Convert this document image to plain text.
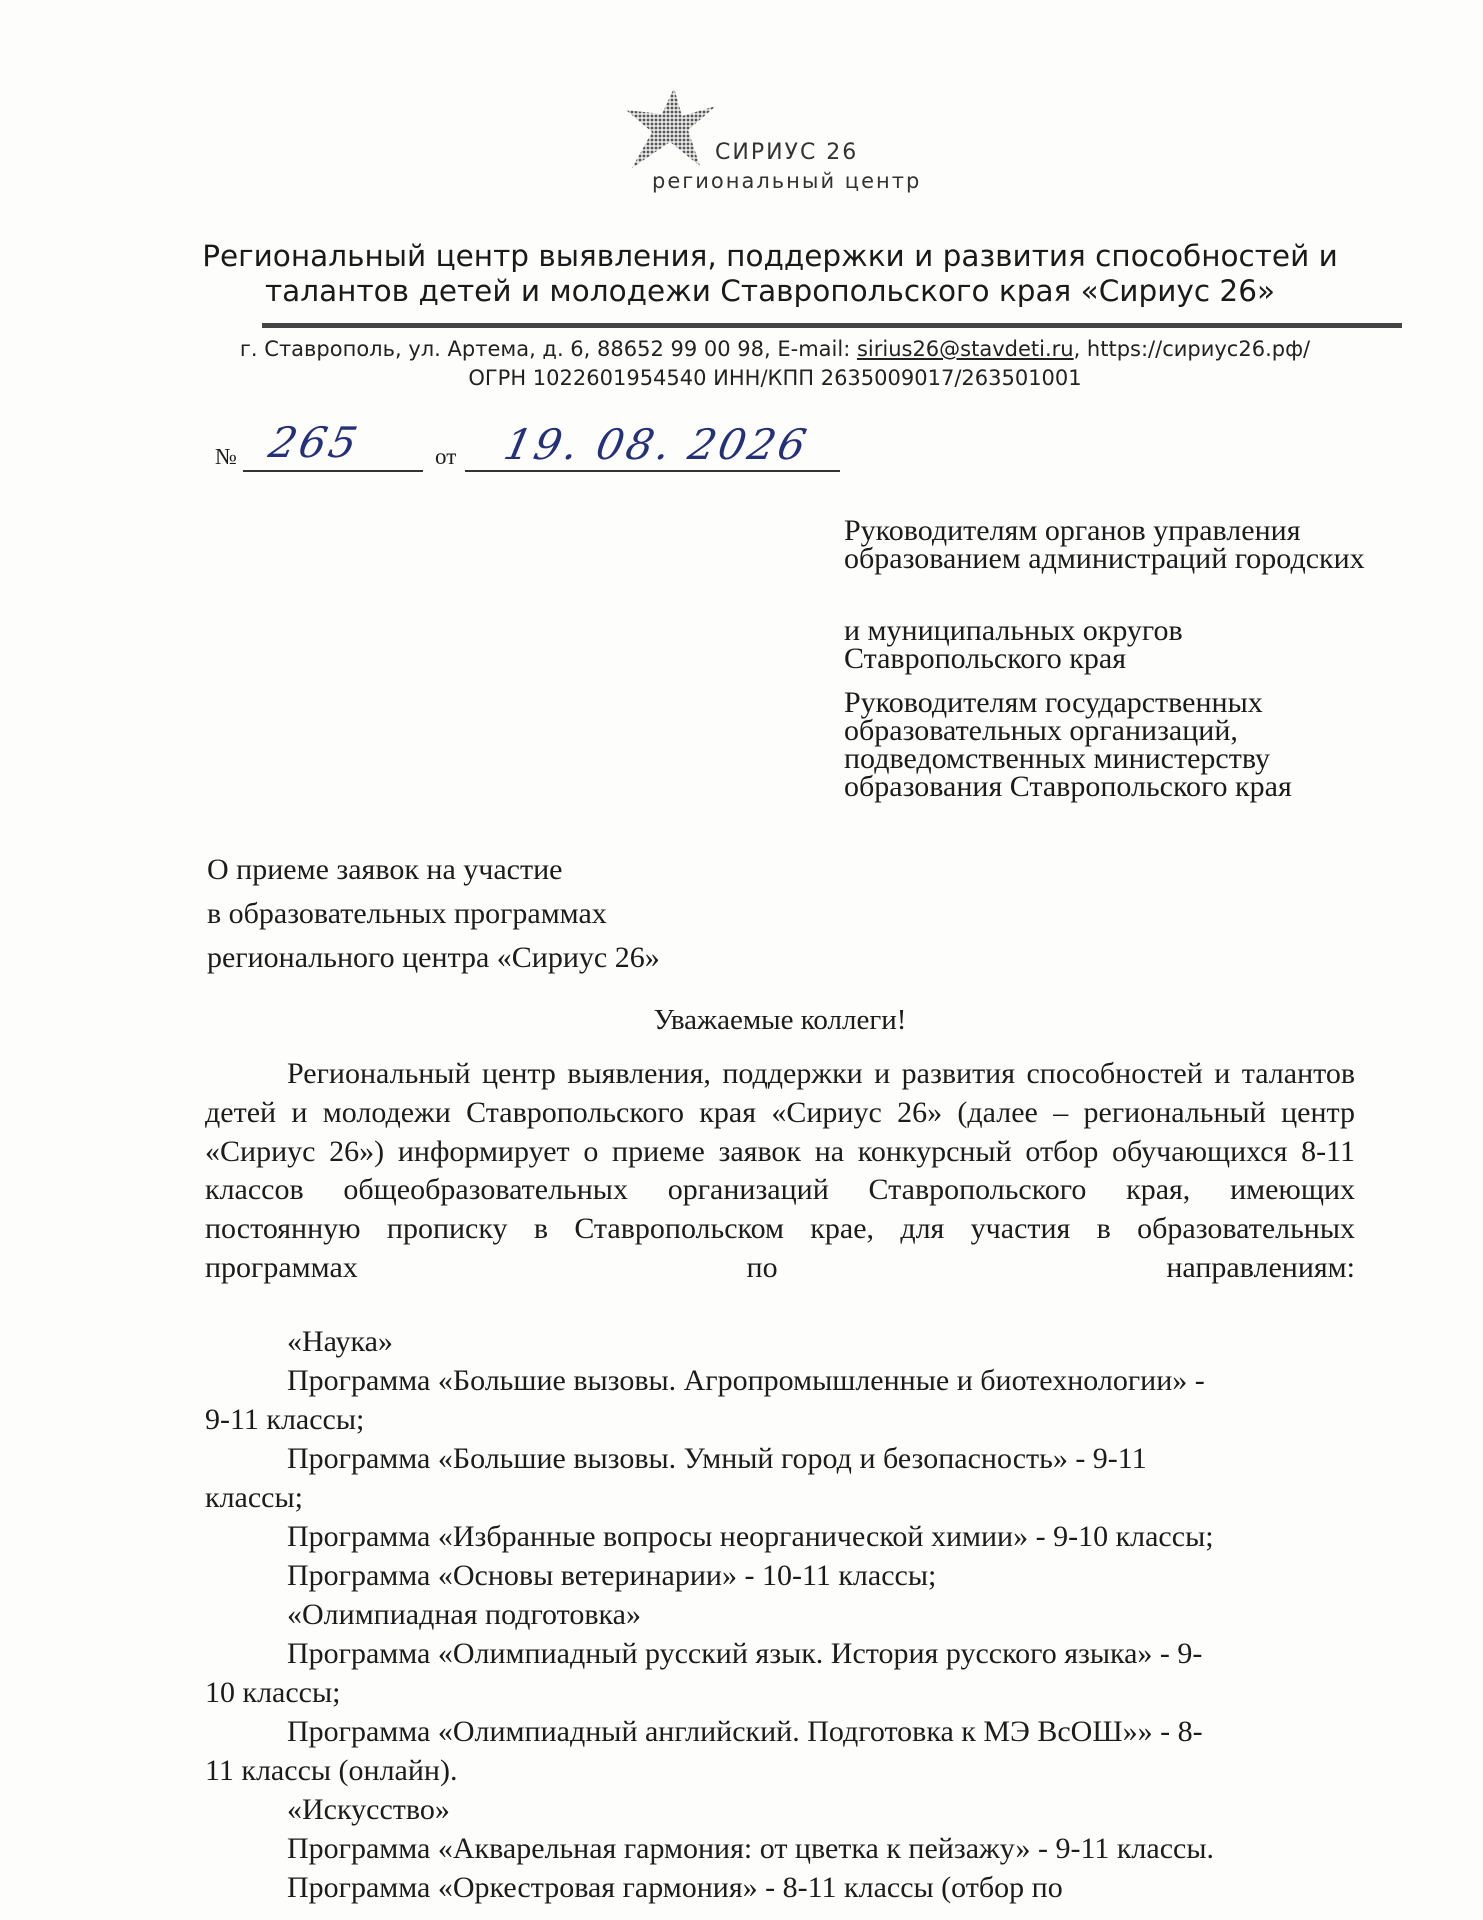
СИРИУС 26
региональный центр
Региональный центр выявления, поддержки и развития способностей и
талантов детей и молодежи Ставропольского края «Сириус 26»
г. Ставрополь, ул. Артема, д. 6, 88652 99 00 98, E-mail: sirius26@stavdeti.ru, https://сириус26.рф/
ОГРН 1022601954540 ИНН/КПП 2635009017/263501001
№ 265	от 19. 08. 2026

Руководителям органов управления образованием администраций городских

и муниципальных округов Ставропольского края

Руководителям государственных образовательных организаций, подведомственных министерству образования Ставропольского края

О приеме заявок на участие

в образовательных программах

регионального центра «Сириус 26»

Уважаемые коллеги!
Региональный центр выявления, поддержки и развития способностей и талантов детей и молодежи Ставропольского края «Сириус 26» (далее – региональный центр «Сириус 26») информирует о приеме заявок на конкурсный отбор обучающихся 8-11 классов общеобразовательных организаций Ставропольского края, имеющих постоянную прописку в Ставропольском крае, для участия в образовательных программах по направлениям:
«Наука»
Программа «Большие вызовы. Агропромышленные и биотехнологии» -
9-11 классы;
Программа «Большие вызовы. Умный город и безопасность» - 9-11
классы;
Программа «Избранные вопросы неорганической химии» - 9-10 классы;
Программа «Основы ветеринарии» - 10-11 классы;
«Олимпиадная подготовка»
Программа «Олимпиадный русский язык. История русского языка» - 9-
10 классы;
Программа «Олимпиадный английский. Подготовка к МЭ ВсОШ»» - 8-
11 классы (онлайн).
«Искусство»
Программа «Акварельная гармония: от цветка к пейзажу» - 9-11 классы.
Программа «Оркестровая гармония» - 8-11 классы (отбор по
